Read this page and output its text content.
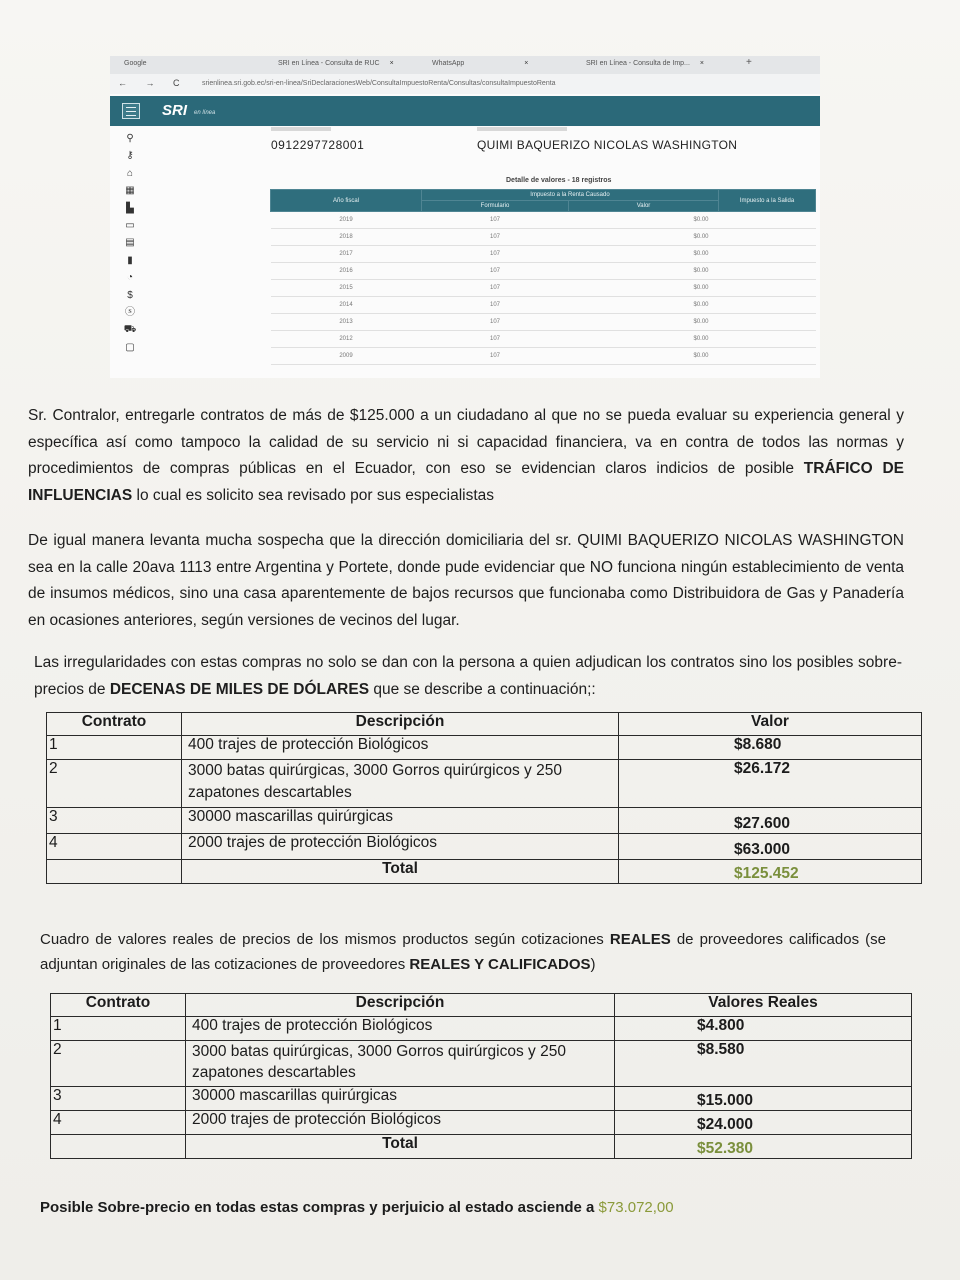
Google	SRI en Línea - Consulta de RUC ×	WhatsApp	×	SRI en Línea - Consulta de Imp... ×	+
← → C srienlinea.sri.gob.ec/sri-en-linea/SriDeclaracionesWeb/ConsultaImpuestoRenta/Consultas/consultaImpuestoRenta
SRI en línea
⚲
⚷
⌂
▦
▙
▭
▤
▮
◔
$
ⓢ
⛟
▢
0912297728001	QUIMI BAQUERIZO NICOLAS WASHINGTON
Detalle de valores - 18 registros
Año fiscal	Impuesto a la Renta Causado		Impuesto a la Salida
	Formulario	Valor	
2019	107	$0.00	
2018	107	$0.00	
2017	107	$0.00	
2016	107	$0.00	
2015	107	$0.00	
2014	107	$0.00	
2013	107	$0.00	
2012	107	$0.00	
2009	107	$0.00	
Sr. Contralor, entregarle contratos de más de $125.000 a un ciudadano al que no se pueda evaluar su experiencia general y específica así como tampoco la calidad de su servicio ni si capacidad financiera, va en contra de todos las normas y procedimientos de compras públicas en el Ecuador, con eso se evidencian claros indicios de posible TRÁFICO DE INFLUENCIAS lo cual es solicito sea revisado por sus especialistas
De igual manera levanta mucha sospecha que la dirección domiciliaria del sr. QUIMI BAQUERIZO NICOLAS WASHINGTON sea en la calle 20ava 1113 entre Argentina y Portete, donde pude evidenciar que NO funciona ningún establecimiento de venta de insumos médicos, sino una casa aparentemente de bajos recursos que funcionaba como Distribuidora de Gas y Panadería en ocasiones anteriores, según versiones de vecinos del lugar.
Las irregularidades con estas compras no solo se dan con la persona a quien adjudican los contratos sino los posibles sobre-precios de DECENAS DE MILES DE DÓLARES que se describe a continuación;:
Contrato	Descripción	Valor
1	400 trajes de protección Biológicos	$8.680
2	3000 batas quirúrgicas, 3000 Gorros quirúrgicos y 250 zapatones descartables	$26.172
3	30000 mascarillas quirúrgicas	$27.600
4	2000 trajes de protección Biológicos	$63.000
	Total	$125.452
Cuadro de valores reales de precios de los mismos productos según cotizaciones REALES de proveedores calificados (se adjuntan originales de las cotizaciones de proveedores REALES Y CALIFICADOS)
Contrato	Descripción	Valores Reales
1	400 trajes de protección Biológicos	$4.800
2	3000 batas quirúrgicas, 3000 Gorros quirúrgicos y 250 zapatones descartables	$8.580
3	30000 mascarillas quirúrgicas	$15.000
4	2000 trajes de protección Biológicos	$24.000
	Total	$52.380
Posible Sobre-precio en todas estas compras y perjuicio al estado asciende a $73.072,00
